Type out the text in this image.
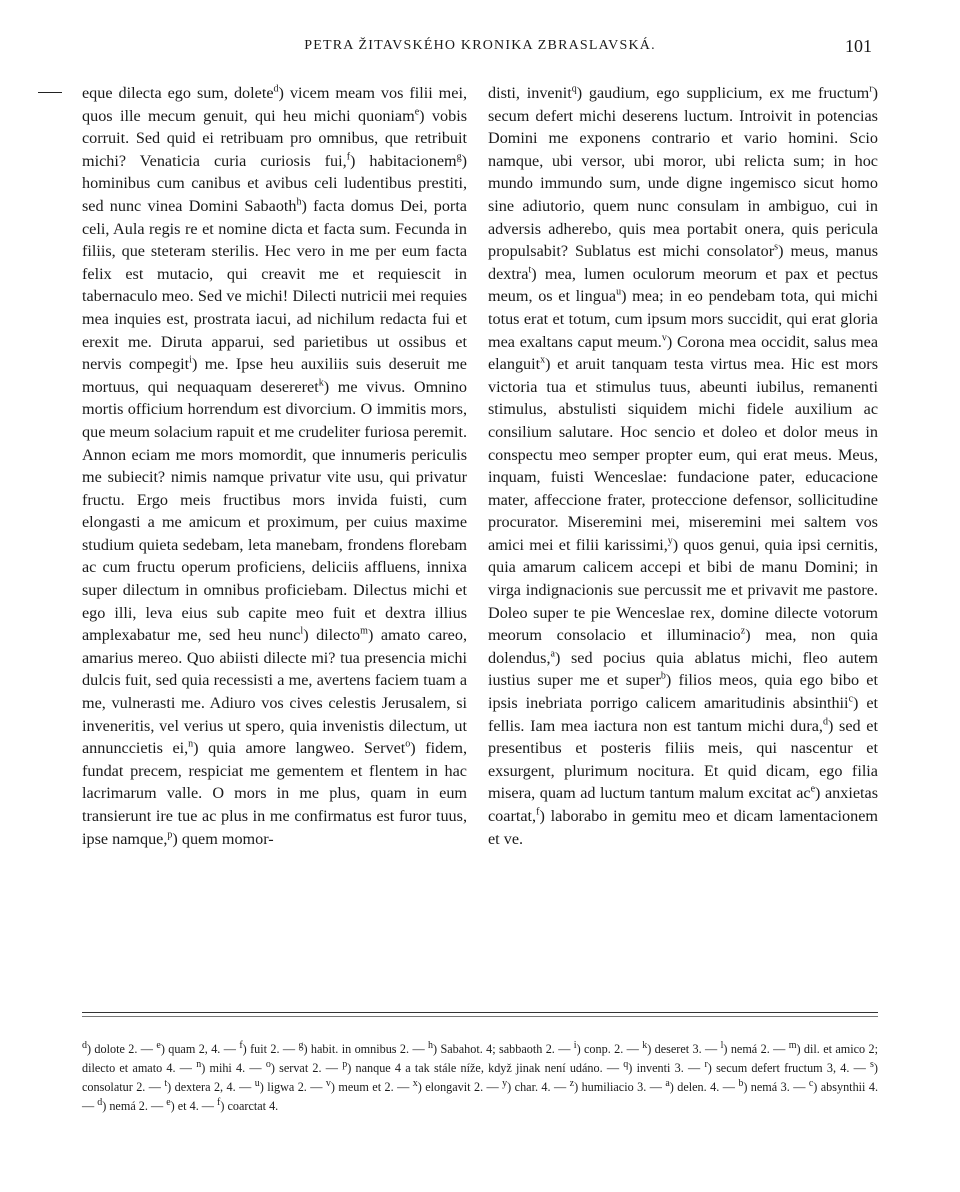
PETRA ŽITAVSKÉHO KRONIKA ZBRASLAVSKÁ.	101

eque dilecta ego sum, dolete$^d$) vicem meam vos filii mei, quos ille mecum genuit, qui heu michi quoniam$^e$) vobis corruit. Sed quid ei retribuam pro omnibus, que retribuit michi? Venaticia curia curiosis fui,$^f$) habitacionem$^g$) hominibus cum canibus et avibus celi ludentibus prestiti, sed nunc vinea Domini Sabaoth$^h$) facta domus Dei, porta celi, Aula regis re et nomine dicta et facta sum. Fecunda in filiis, que steteram sterilis. Hec vero in me per eum facta felix est mutacio, qui creavit me et requiescit in tabernaculo meo. Sed ve michi! Dilecti nutricii mei requies mea inquies est, prostrata iacui, ad nichilum redacta fui et erexit me. Diruta apparui, sed parietibus ut ossibus et nervis compegit$^i$) me. Ipse heu auxiliis suis deseruit me mortuus, qui nequaquam desereret$^k$) me vivus. Omnino mortis officium horrendum est divorcium. O immitis mors, que meum solacium rapuit et me crudeliter furiosa peremit. Annon eciam me mors momordit, que innumeris periculis me subiecit? nimis namque privatur vite usu, qui privatur fructu. Ergo meis fructibus mors invida fuisti, cum elongasti a me amicum et proximum, per cuius maxime studium quieta sedebam, leta manebam, frondens florebam ac cum fructu operum proficiens, deliciis affluens, innixa super dilectum in omnibus proficiebam. Dilectus michi et ego illi, leva eius sub capite meo fuit et dextra illius amplexabatur me, sed heu nunc$^l$) dilecto$^m$) amato careo, amarius mereo. Quo abiisti dilecte mi? tua presencia michi dulcis fuit, sed quia recessisti a me, avertens faciem tuam a me, vulnerasti me. Adiuro vos cives celestis Jerusalem, si inveneritis, vel verius ut spero, quia invenistis dilectum, ut annunccietis ei,$^n$) quia amore langweo. Servet$^o$) fidem, fundat precem, respiciat me gementem et flentem in hac lacrimarum valle. O mors in me plus, quam in eum transierunt ire tue ac plus in me confirmatus est furor tuus, ipse namque,$^p$) quem momor-

disti, invenit$^q$) gaudium, ego supplicium, ex me fructum$^r$) secum defert michi deserens luctum. Introivit in potencias Domini me exponens contrario et vario homini. Scio namque, ubi versor, ubi moror, ubi relicta sum; in hoc mundo immundo sum, unde digne ingemisco sicut homo sine adiutorio, quem nunc consulam in ambiguo, cui in adversis adherebo, quis mea portabit onera, quis pericula propulsabit? Sublatus est michi consolator$^s$) meus, manus dextra$^t$) mea, lumen oculorum meorum et pax et pectus meum, os et lingua$^u$) mea; in eo pendebam tota, qui michi totus erat et totum, cum ipsum mors succidit, qui erat gloria mea exaltans caput meum.$^v$) Corona mea occidit, salus mea elanguit$^x$) et aruit tanquam testa virtus mea. Hic est mors victoria tua et stimulus tuus, abeunti iubilus, remanenti stimulus, abstulisti siquidem michi fidele auxilium ac consilium salutare. Hoc sencio et doleo et dolor meus in conspectu meo semper propter eum, qui erat meus. Meus, inquam, fuisti Wenceslae: fundacione pater, educacione mater, affeccione frater, proteccione defensor, sollicitudine procurator. Miseremini mei, miseremini mei saltem vos amici mei et filii karissimi,$^y$) quos genui, quia ipsi cernitis, quia amarum calicem accepi et bibi de manu Domini; in virga indignacionis sue percussit me et privavit me pastore. Doleo super te pie Wenceslae rex, domine dilecte votorum meorum consolacio et illuminacio$^z$) mea, non quia dolendus,$^a$) sed pocius quia ablatus michi, fleo autem iustius super me et super$^b$) filios meos, quia ego bibo et ipsis inebriata porrigo calicem amaritudinis absinthii$^c$) et fellis. Iam mea iactura non est tantum michi dura,$^d$) sed et presentibus et posteris filiis meis, qui nascentur et exsurgent, plurimum nocitura. Et quid dicam, ego filia misera, quam ad luctum tantum malum excitat $ac^e$) anxietas coartat,$^f$) laborabo in gemitu meo et dicam lamentacionem et ve.

$^d$) dolote 2. — $^e$) quam 2, 4. — $^f$) fuit 2. — $^g$) habit. in omnibus 2. — $^h$) Sabahot. 4; sabbaoth 2. — $^i$) conp. 2. — $^k$) deseret 3. — $^l$) nemá 2. — $^m$) dil. et amico 2; dilecto et amato 4. — $^n$) mihi 4. — $^o$) servat 2. — $^p$) nanque 4 a tak stále níže, když jinak není udáno. — $^q$) inventi 3. — $^r$) secum defert fructum 3, 4. — $^s$) consolatur 2. — $^t$) dextera 2, 4. — $^u$) ligwa 2. — $^v$) meum et 2. — $^x$) elongavit 2. — $^y$) char. 4. — $^z$) humiliacio 3. — $^a$) delen. 4. — $^b$) nemá 3. — $^c$) absynthii 4. — $^d$) nemá 2. — $^e$) et 4. — $^f$) coarctat 4.
